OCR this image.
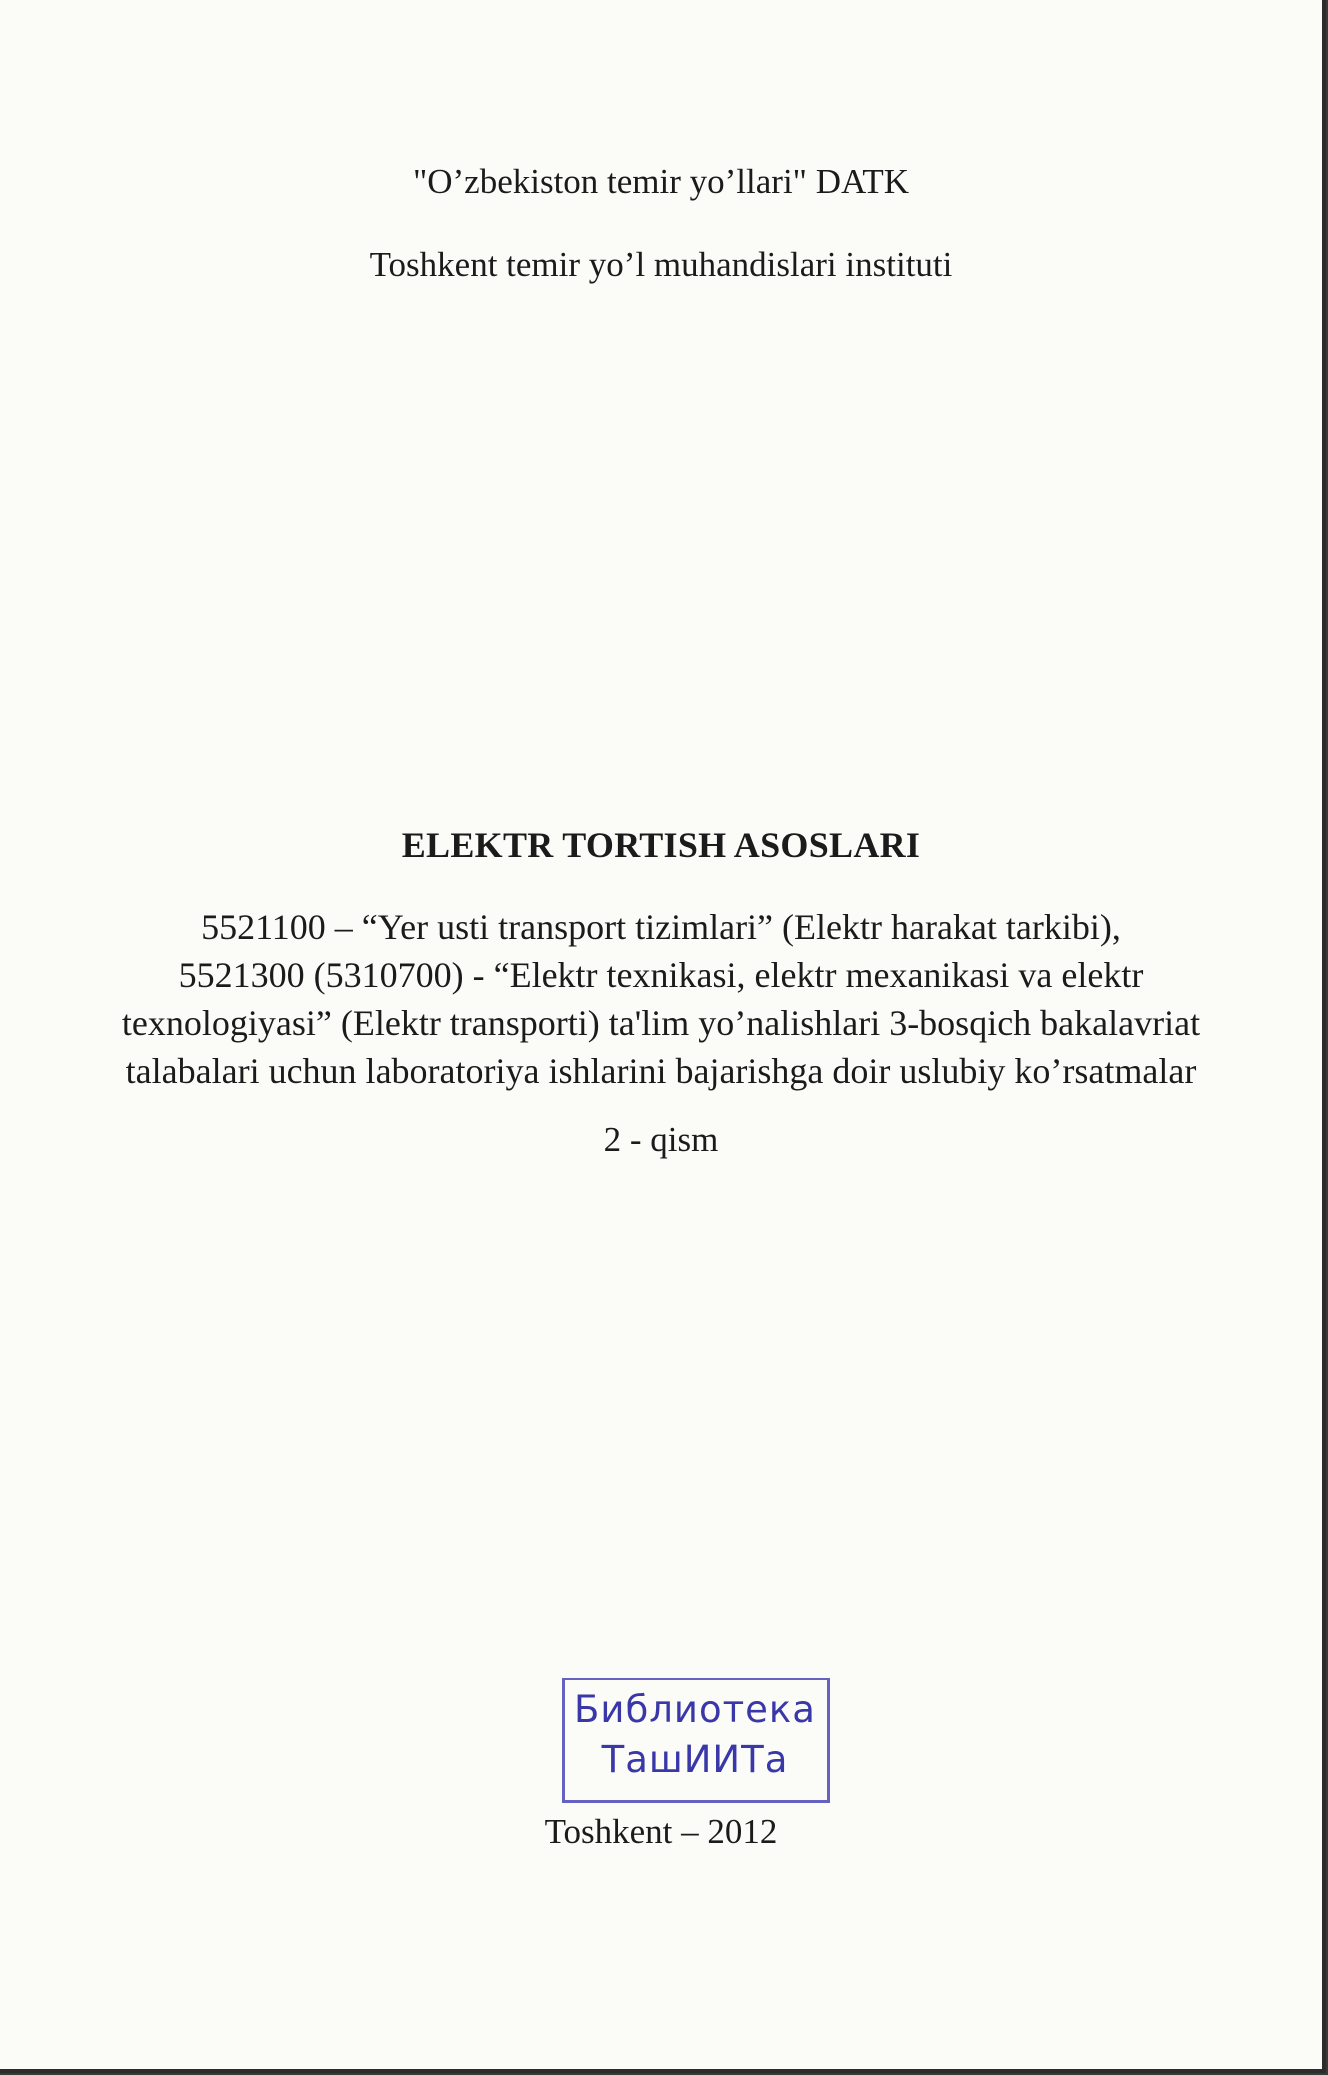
"O’zbekiston temir yo’llari" DATK
Toshkent temir yo’l muhandislari instituti
ELEKTR TORTISH ASOSLARI
5521100 – “Yer usti transport tizimlari” (Elektr harakat tarkibi),
5521300 (5310700) - “Elektr texnikasi, elektr mexanikasi va elektr
texnologiyasi” (Elektr transporti) ta'lim yo’nalishlari 3-bosqich bakalavriat
talabalari uchun laboratoriya ishlarini bajarishga doir uslubiy ko’rsatmalar
2 - qism
Библиотека
ТашИИТа
Toshkent – 2012
